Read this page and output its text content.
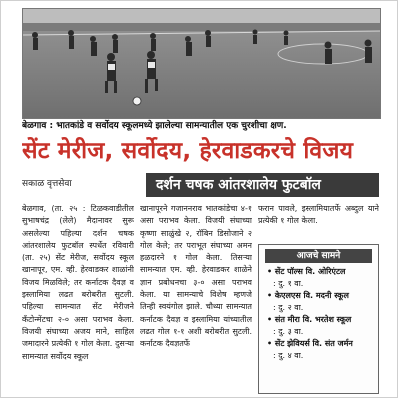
बेळगाव : भातकांडे व सर्वोदय स्कूलमध्ये झालेल्या सामन्यातील एक चुरशीचा क्षण.
सेंट मेरीज, सर्वोदय, हेरवाडकरचे विजय
सकाळ वृत्तसेवा	दर्शन चषक आंतरशालेय फुटबॉल

बेळगाव, (ता. २५ : टिळकवाडीतील सुभाषचंद्र (लेले) मैदानावर सुरू असलेल्या पहिल्या दर्शन चषक आंतरशालेय फुटबॉल स्पर्धेत रविवारी (ता. २५) सेंट मेरीज, सर्वोदय स्कूल खानापूर, एम. व्ही. हेरवाडकर शाळांनी विजय मिळविले; तर कर्नाटक दैवज्ञ व इस्लामिया लढत बरोबरीत सुटली. पहिल्या सामन्यात सेंट मेरीजने कॅंटोन्मेंटचा २-० असा पराभव केला. विजयी संघाच्या अजय माने, साहिल जमादारने प्रत्येकी १ गोल केला. दुसऱ्या सामन्यात सर्वोदय स्कूल

खानापूरने गजाननराव भातकांडेचा ४-१ असा पराभव केला. विजयी संघाच्या कृष्णा साळुंखे २, रॉबिन डिसोजाने २ गोल केले; तर पराभूत संघाच्या अमन हळदारने १ गोल केला. तिसऱ्या सामन्यात एम. व्ही. हेरवाडकर शाळेने ज्ञान प्रबोधनचा ३-० असा पराभव केला. या सामन्याचे विशेष म्हणजे तिन्ही स्वयंगोल झाले. चौथ्या सामन्यात कर्नाटक दैवज्ञ व इस्लामिया यांच्यातील लढत गोल १-१ अशी बरोबरीत सुटली. कर्नाटक दैवज्ञतर्फे

फरान पावले, इस्लामियातर्फे अब्दुल याने प्रत्येकी १ गोल केला.

आजचे सामने
• सेंट पॉल्स वि. ओरिएंटल
: दु. १ वा.
• केएलएस वि. मदनी स्कूल
: दु. २ वा.
• संत मीरा वि. भरतेश स्कूल
: दु. ३ वा.
• सेंट झेवियर्स वि. संत जर्मन
: दु. ४ वा.
